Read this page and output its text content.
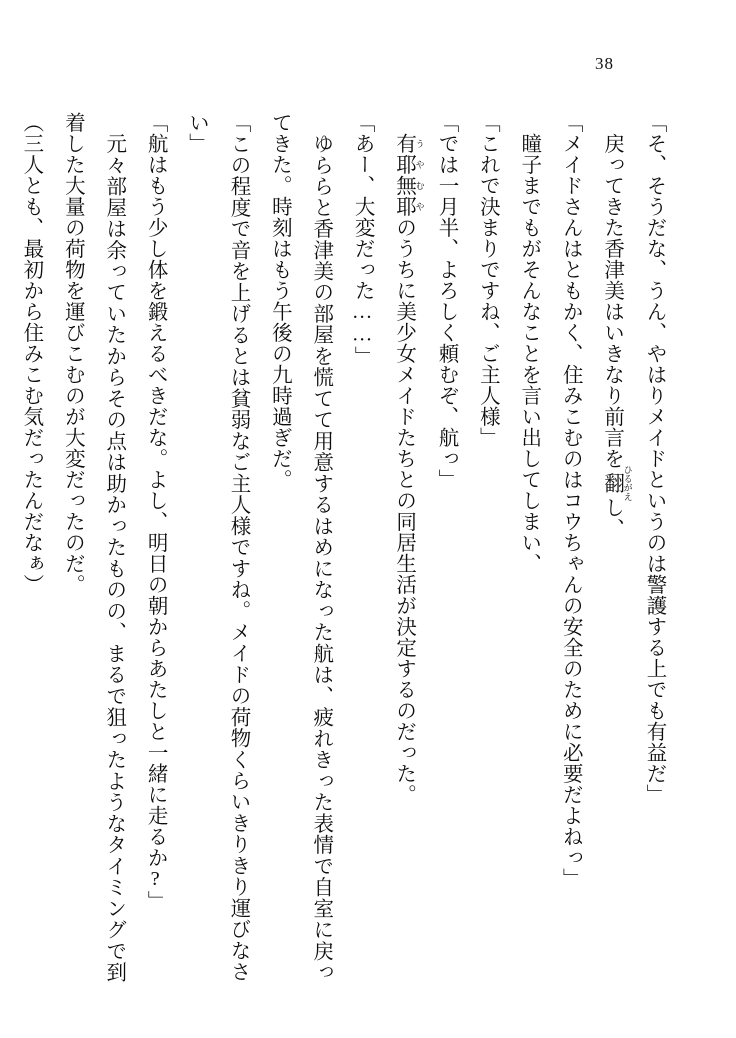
38

「そ、そうだな、うん、やはりメイドというのは警護する上でも有益だ」

戻ってきた香津美はいきなり前言を翻 ひるがえし、

「メイドさんはともかく、住みこむのはコウちゃんの安全のために必要だよねっ」

瞳子までもがそんなことを言い出してしまい、

「これで決まりですね、ご主人様」

「では一月半、よろしく頼むぞ、航っ」

有耶無耶 うやむやのうちに美少女メイドたちとの同居生活が決定するのだった。

「あー、大変だった……」

ゆららと香津美の部屋を慌てて用意するはめになった航は、疲れきった表情で自室に戻ってきた。時刻はもう午後の九時過ぎだ。

「この程度で音を上げるとは貧弱なご主人様ですね。メイドの荷物くらいきりきり運びなさい」

「航はもう少し体を鍛えるべきだな。よし、明日の朝からあたしと一緒に走るか?」

元々部屋は余っていたからその点は助かったものの、まるで狙ったようなタイミングで到着した大量の荷物を運びこむのが大変だったのだ。

（三人とも、最初から住みこむ気だったんだなぁ）
